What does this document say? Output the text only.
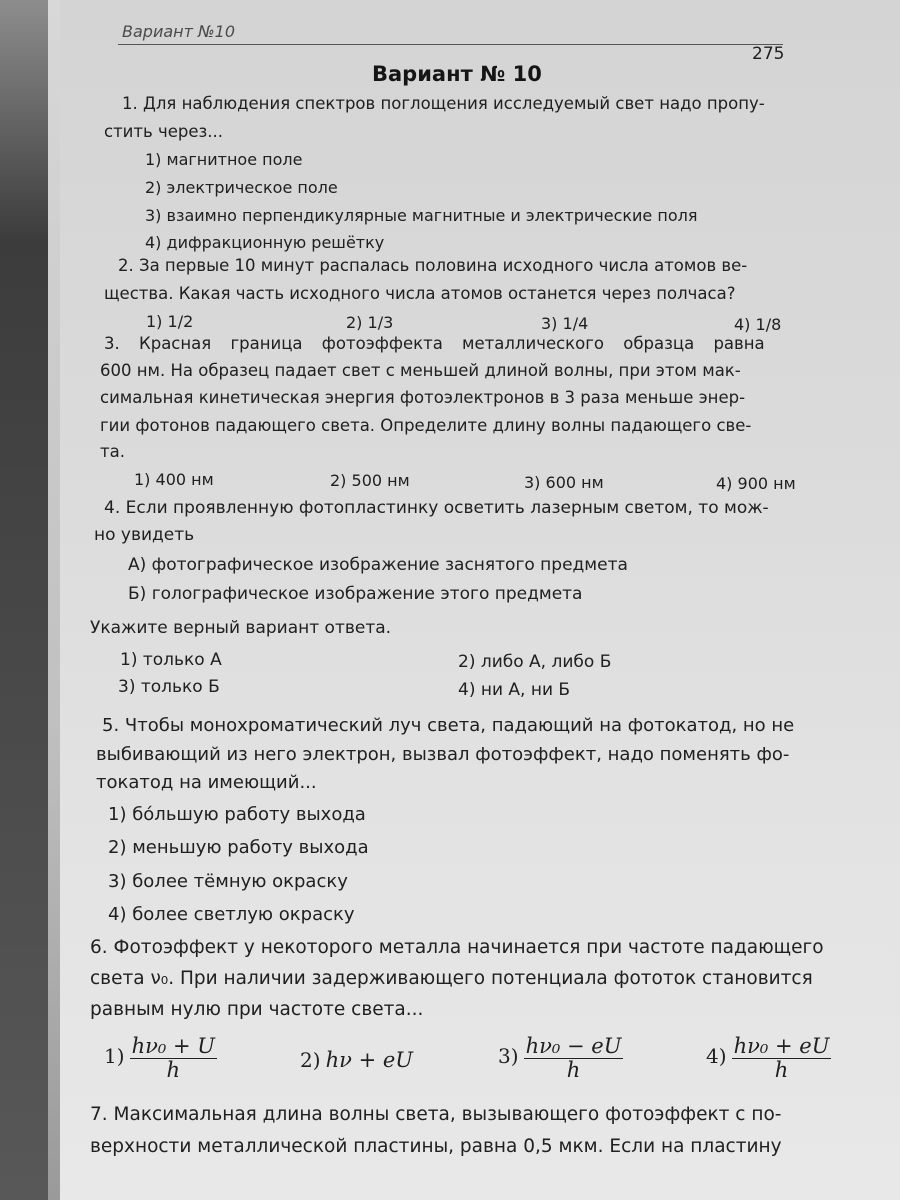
Вариант №10
275
Вариант № 10
1. Для наблюдения спектров поглощения исследуемый свет надо пропу-
стить через...
1) магнитное поле
2) электрическое поле
3) взаимно перпендикулярные магнитные и электрические поля
4) дифракционную решётку
2. За первые 10 минут распалась половина исходного числа атомов ве-
щества. Какая часть исходного числа атомов останется через полчаса?
1) 1/2	2) 1/3	3) 1/4	4) 1/8
3. Красная граница фотоэффекта металлического образца равна
600 нм. На образец падает свет с меньшей длиной волны, при этом мак-
симальная кинетическая энергия фотоэлектронов в 3 раза меньше энер-
гии фотонов падающего света. Определите длину волны падающего све-
та.
1) 400 нм	2) 500 нм	3) 600 нм	4) 900 нм
4. Если проявленную фотопластинку осветить лазерным светом, то мож-
но увидеть
А) фотографическое изображение заснятого предмета
Б) голографическое изображение этого предмета
Укажите верный вариант ответа.
1) только А	2) либо А, либо Б
3) только Б	4) ни А, ни Б
5. Чтобы монохроматический луч света, падающий на фотокатод, но не
выбивающий из него электрон, вызвал фотоэффект, надо поменять фо-
токатод на имеющий...
1) бóльшую работу выхода
2) меньшую работу выхода
3) более тёмную окраску
4) более светлую окраску
6. Фотоэффект у некоторого металла начинается при частоте падающего
света ν₀. При наличии задерживающего потенциала фототок становится
равным нулю при частоте света...
$1) \frac{\text{hν₀ + U}}{h}$	2) hν + eU	$3) \frac{\text{hν₀ − eU}}{h}$	$4) \frac{\text{hν₀ + eU}}{h}$
7. Максимальная длина волны света, вызывающего фотоэффект с по-
верхности металлической пластины, равна 0,5 мкм. Если на пластину
